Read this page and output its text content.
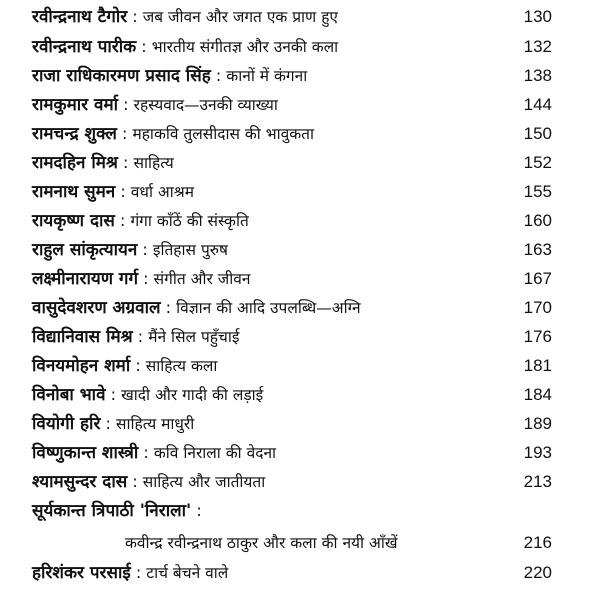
रवीन्द्रनाथ टैगोर : जब जीवन और जगत एक प्राण हुए	130
रवीन्द्रनाथ पारीक : भारतीय संगीतज्ञ और उनकी कला	132
राजा राधिकारमण प्रसाद सिंह : कानों में कंगना	138
रामकुमार वर्मा : रहस्यवाद—उनकी व्याख्या	144
रामचन्द्र शुक्ल : महाकवि तुलसीदास की भावुकता	150
रामदहिन मिश्र : साहित्य	152
रामनाथ सुमन : वर्धा आश्रम	155
रायकृष्ण दास : गंगा काँठें की संस्कृति	160
राहुल सांकृत्यायन : इतिहास पुरुष	163
लक्ष्मीनारायण गर्ग : संगीत और जीवन	167
वासुदेवशरण अग्रवाल : विज्ञान की आदि उपलब्धि—अग्नि	170
विद्यानिवास मिश्र : मैंने सिल पहुँचाई	176
विनयमोहन शर्मा : साहित्य कला	181
विनोबा भावे : खादी और गादी की लड़ाई	184
वियोगी हरि : साहित्य माधुरी	189
विष्णुकान्त शास्त्री : कवि निराला की वेदना	193
श्यामसुन्दर दास : साहित्य और जातीयता	213
सूर्यकान्त त्रिपाठी 'निराला' :
कवीन्द्र रवीन्द्रनाथ ठाकुर और कला की नयी आँखें	216
हरिशंकर परसाई : टार्च बेचने वाले	220
